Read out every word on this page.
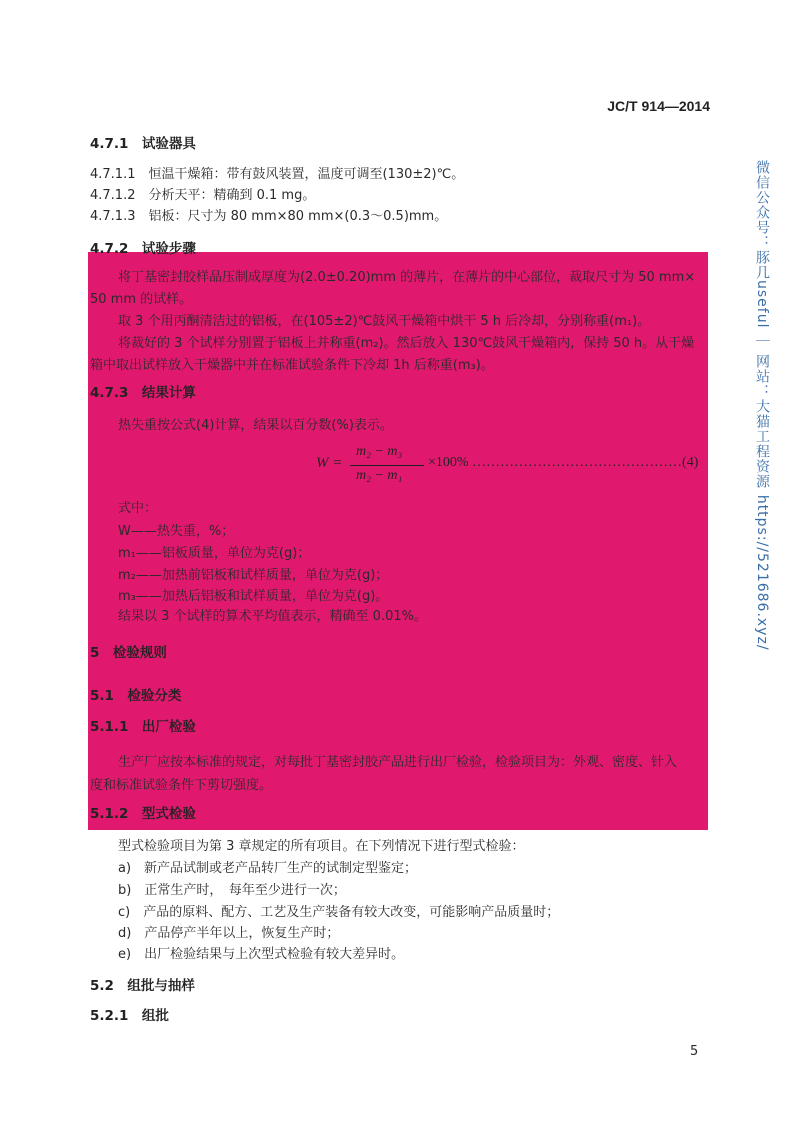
JC/T 914—2014
微信公众号：豚几useful ｜ 网站：大猫工程资源 https://521686.xyz/
4.7.1　试验器具
4.7.1.1　恒温干燥箱：带有鼓风装置，温度可调至(130±2)℃。
4.7.1.2　分析天平：精确到 0.1 mg。
4.7.1.3　铝板：尺寸为 80 mm×80 mm×(0.3～0.5)mm。
4.7.2　试验步骤
将丁基密封胶样品压制成厚度为(2.0±0.20)mm 的薄片，在薄片的中心部位，裁取尺寸为 50 mm×
50 mm 的试样。
取 3 个用丙酮清洁过的铝板，在(105±2)℃鼓风干燥箱中烘干 5 h 后冷却，分别称重(m₁)。
将裁好的 3 个试样分别置于铝板上并称重(m₂)。然后放入 130℃鼓风干燥箱内，保持 50 h。从干燥
箱中取出试样放入干燥器中并在标准试验条件下冷却 1h 后称重(m₃)。
4.7.3　结果计算
热失重按公式(4)计算，结果以百分数(%)表示。
W =
m₂ − m₃
m₂ − m₁
×100% ………………………………………(4)
式中：
W——热失重，%；
m₁——铝板质量，单位为克(g)；
m₂——加热前铝板和试样质量，单位为克(g)；
m₃——加热后铝板和试样质量，单位为克(g)。
结果以 3 个试样的算术平均值表示，精确至 0.01%。
5　检验规则
5.1　检验分类
5.1.1　出厂检验
生产厂应按本标准的规定，对每批丁基密封胶产品进行出厂检验，检验项目为：外观、密度、针入
度和标准试验条件下剪切强度。
5.1.2　型式检验
型式检验项目为第 3 章规定的所有项目。在下列情况下进行型式检验：
a)　新产品试制或老产品转厂生产的试制定型鉴定；
b)　正常生产时，　每年至少进行一次；
c)　产品的原料、配方、工艺及生产装备有较大改变，可能影响产品质量时；
d)　产品停产半年以上，恢复生产时；
e)　出厂检验结果与上次型式检验有较大差异时。
5.2　组批与抽样
5.2.1　组批
5
